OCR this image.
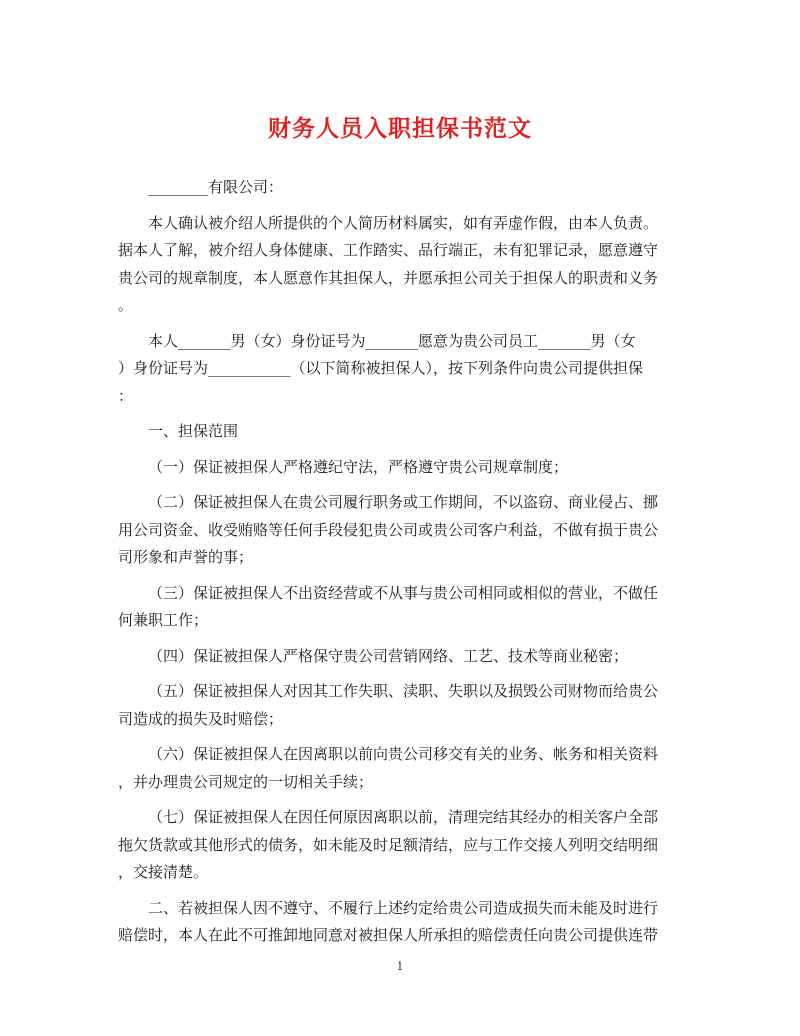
财务人员入职担保书范文

________有限公司：

本人确认被介绍人所提供的个人简历材料属实，如有弄虚作假，由本人负责。
据本人了解，被介绍人身体健康、工作踏实、品行端正，未有犯罪记录，愿意遵守
贵公司的规章制度，本人愿意作其担保人，并愿承担公司关于担保人的职责和义务
。

本人_______男（女）身份证号为_______愿意为贵公司员工_______男（女
）身份证号为___________（以下简称被担保人），按下列条件向贵公司提供担保
：

一、担保范围

（一）保证被担保人严格遵纪守法，严格遵守贵公司规章制度；

（二）保证被担保人在贵公司履行职务或工作期间，不以盗窃、商业侵占、挪
用公司资金、收受贿赂等任何手段侵犯贵公司或贵公司客户利益，不做有损于贵公
司形象和声誉的事；

（三）保证被担保人不出资经营或不从事与贵公司相同或相似的营业，不做任
何兼职工作；

（四）保证被担保人严格保守贵公司营销网络、工艺、技术等商业秘密；

（五）保证被担保人对因其工作失职、渎职、失职以及损毁公司财物而给贵公
司造成的损失及时赔偿；

（六）保证被担保人在因离职以前向贵公司移交有关的业务、帐务和相关资料
，并办理贵公司规定的一切相关手续；

（七）保证被担保人在因任何原因离职以前，清理完结其经办的相关客户全部
拖欠货款或其他形式的债务，如未能及时足额清结，应与工作交接人列明交结明细
，交接清楚。

二、若被担保人因不遵守、不履行上述约定给贵公司造成损失而未能及时进行
赔偿时，本人在此不可推卸地同意对被担保人所承担的赔偿责任向贵公司提供连带

1
